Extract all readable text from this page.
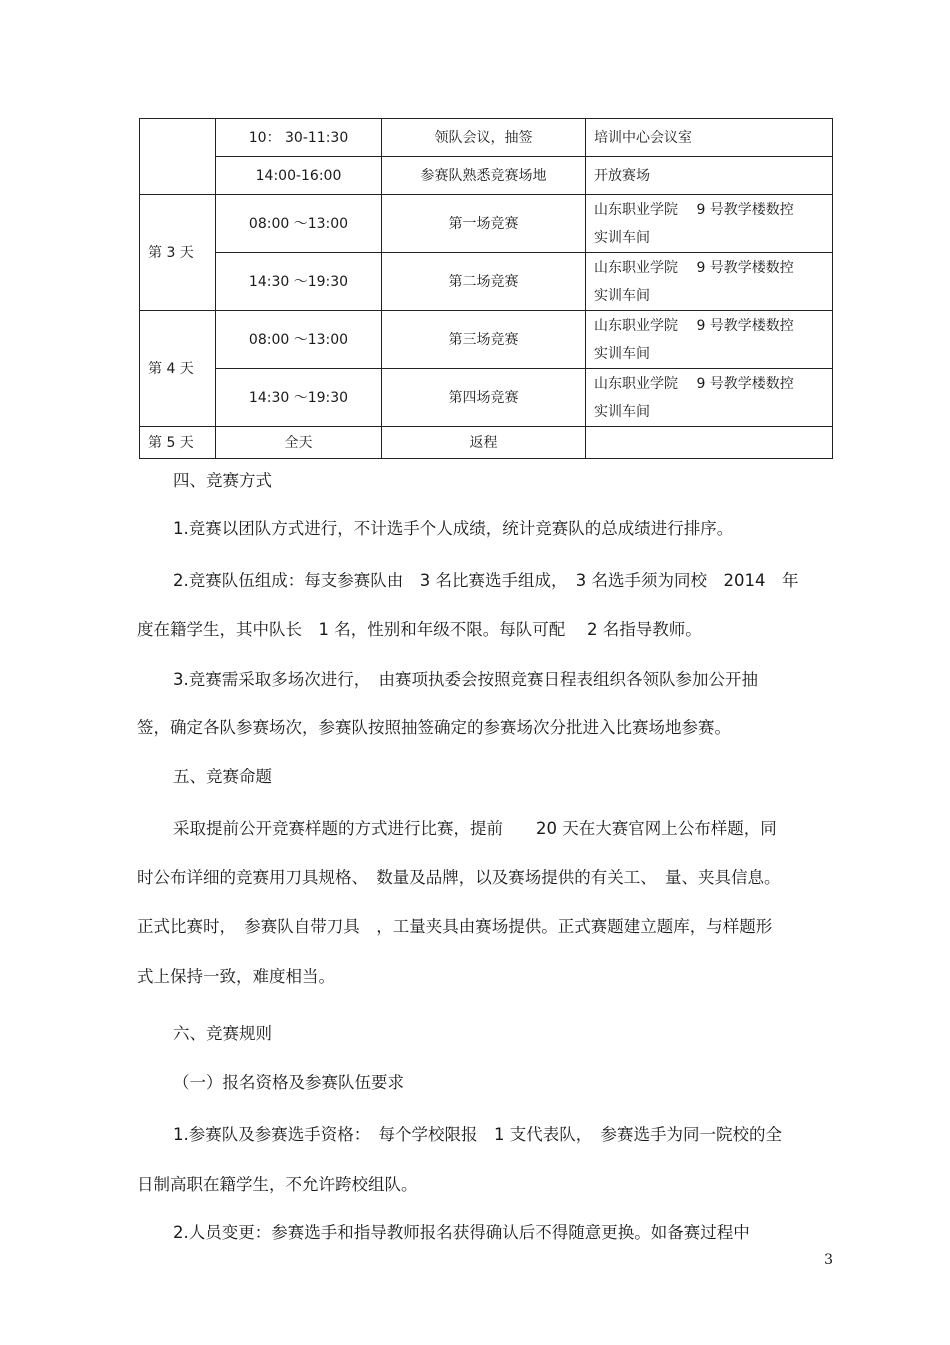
	10： 30-11:30	领队会议，抽签	培训中心会议室
	14:00-16:00	参赛队熟悉竞赛场地	开放赛场
第 3 天	08:00 ～13:00	第一场竞赛	山东职业学院　 9 号教学楼数控
实训车间

	14:30 ～19:30	第二场竞赛	山东职业学院　 9 号教学楼数控
实训车间

第 4 天	08:00 ～13:00	第三场竞赛	山东职业学院　 9 号教学楼数控
实训车间

	14:30 ～19:30	第四场竞赛	山东职业学院　 9 号教学楼数控
实训车间

第 5 天	全天	返程	
四、竞赛方式
1.竞赛以团队方式进行，不计选手个人成绩，统计竞赛队的总成绩进行排序。
2.竞赛队伍组成：每支参赛队由　3 名比赛选手组成，　3 名选手须为同校　2014　年
度在籍学生，其中队长　1 名，性别和年级不限。每队可配　 2 名指导教师。
3.竞赛需采取多场次进行，　由赛项执委会按照竞赛日程表组织各领队参加公开抽
签，确定各队参赛场次，参赛队按照抽签确定的参赛场次分批进入比赛场地参赛。
五、竞赛命题
采取提前公开竞赛样题的方式进行比赛，提前　　20 天在大赛官网上公布样题，同
时公布详细的竞赛用刀具规格、　数量及品牌，以及赛场提供的有关工、　量、夹具信息。
正式比赛时，　参赛队自带刀具　，工量夹具由赛场提供。正式赛题建立题库，与样题形
式上保持一致，难度相当。
六、竞赛规则
（一）报名资格及参赛队伍要求
1.参赛队及参赛选手资格：　每个学校限报　1 支代表队，　参赛选手为同一院校的全
日制高职在籍学生，不允许跨校组队。
2.人员变更：参赛选手和指导教师报名获得确认后不得随意更换。如备赛过程中
3
